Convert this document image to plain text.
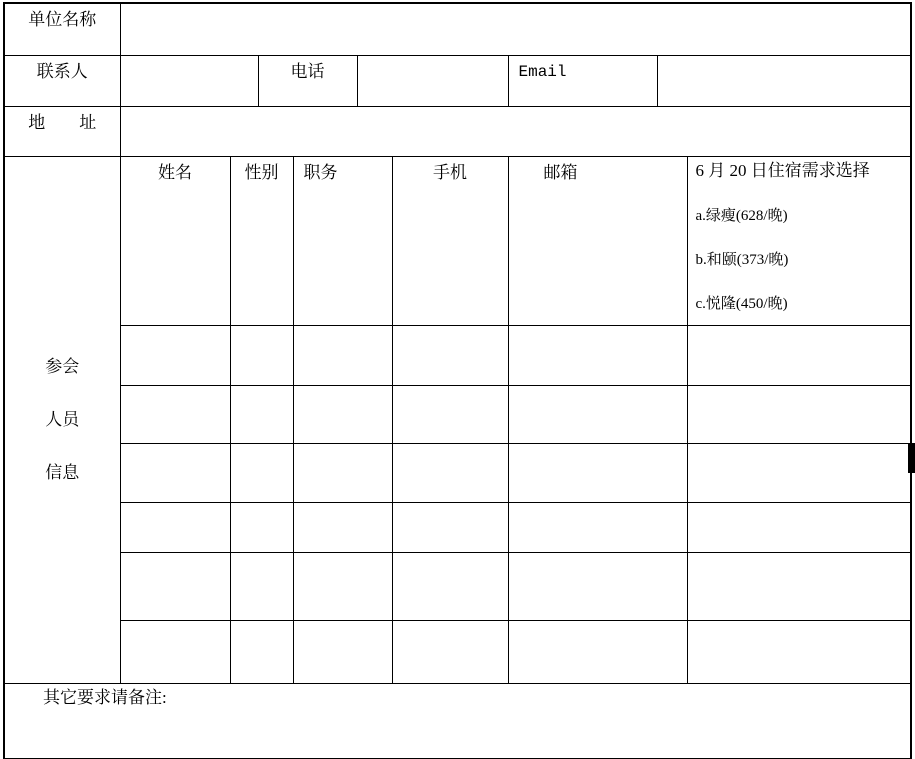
单位名称									
联系人			电话				Email		
地　　址									

参会
人员
信息
	姓名	性别	职务	手机	邮箱	6 月 20 日住宿需求选择
a.绿瘦(628/晚)
b.和颐(373/晚)
c.悦隆(450/晚)

其它要求请备注:									
